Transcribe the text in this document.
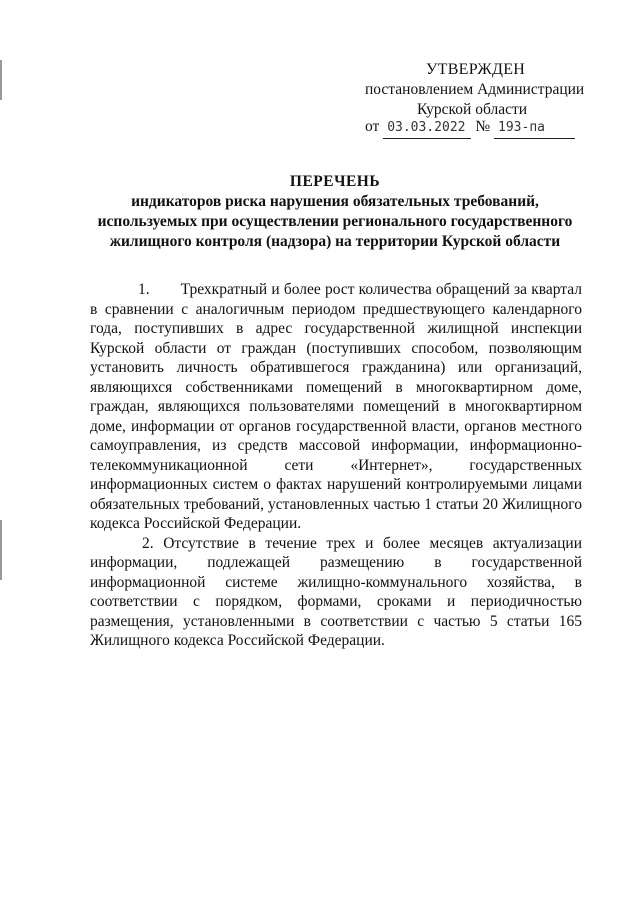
УТВЕРЖДЕН
постановлением Администрации
Курской области
от 03.03.2022 № 193-па
ПЕРЕЧЕНЬ
индикаторов риска нарушения обязательных требований, используемых при осуществлении регионального государственного жилищного контроля (надзора) на территории Курской области

1.  Трехкратный и более рост количества обращений за квартал в сравнении с аналогичным периодом предшествующего календарного года, поступивших в адрес государственной жилищной инспекции Курской области от граждан (поступивших способом, позволяющим установить личность обратившегося гражданина) или организаций, являющихся собственниками помещений в многоквартирном доме, граждан, являющихся пользователями помещений в многоквартирном доме, информации от органов государственной власти, органов местного самоуправления, из средств массовой информации, информационно-телекоммуникационной сети «Интернет», государственных информационных систем о фактах нарушений контролируемыми лицами обязательных требований, установленных частью 1 статьи 20 Жилищного кодекса Российской Федерации.

2. Отсутствие в течение трех и более месяцев актуализации информации, подлежащей размещению в государственной информационной системе жилищно-коммунального хозяйства, в соответствии с порядком, формами, сроками и периодичностью размещения, установленными в соответствии с частью 5 статьи 165 Жилищного кодекса Российской Федерации.
